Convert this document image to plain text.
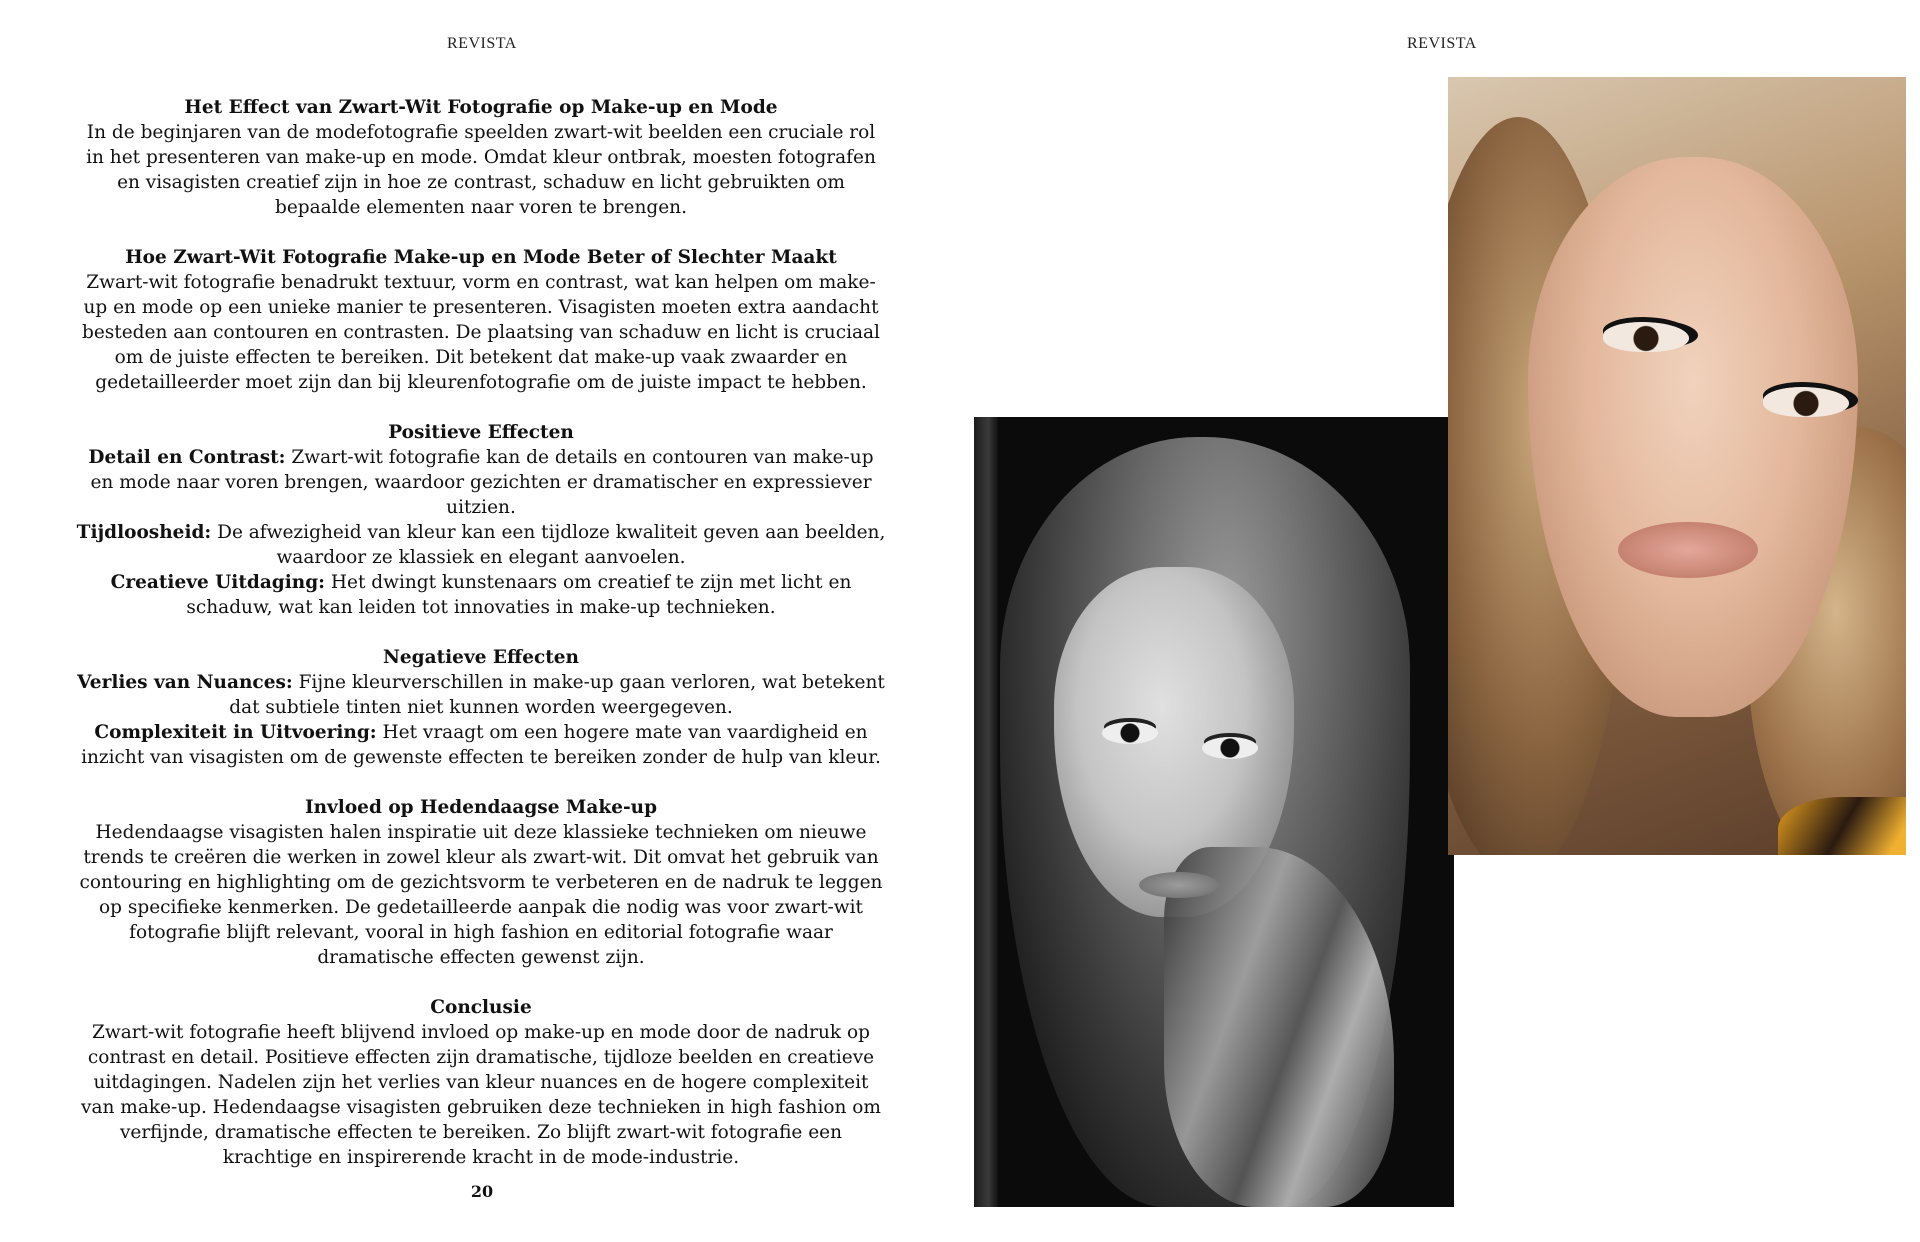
REVISTA	REVISTA

Het Effect van Zwart-Wit Fotografie op Make-up en Mode

In de beginjaren van de modefotografie speelden zwart-wit beelden een cruciale rol in het presenteren van make-up en mode. Omdat kleur ontbrak, moesten fotografen en visagisten creatief zijn in hoe ze contrast, schaduw en licht gebruikten om bepaalde elementen naar voren te brengen.

Hoe Zwart-Wit Fotografie Make-up en Mode Beter of Slechter Maakt

Zwart-wit fotografie benadrukt textuur, vorm en contrast, wat kan helpen om make-up en mode op een unieke manier te presenteren. Visagisten moeten extra aandacht besteden aan contouren en contrasten. De plaatsing van schaduw en licht is cruciaal om de juiste effecten te bereiken. Dit betekent dat make-up vaak zwaarder en gedetailleerder moet zijn dan bij kleurenfotografie om de juiste impact te hebben.

Positieve Effecten

Detail en Contrast: Zwart-wit fotografie kan de details en contouren van make-up en mode naar voren brengen, waardoor gezichten er dramatischer en expressiever uitzien.

Tijdloosheid: De afwezigheid van kleur kan een tijdloze kwaliteit geven aan beelden, waardoor ze klassiek en elegant aanvoelen.

Creatieve Uitdaging: Het dwingt kunstenaars om creatief te zijn met licht en schaduw, wat kan leiden tot innovaties in make-up technieken.

Negatieve Effecten

Verlies van Nuances: Fijne kleurverschillen in make-up gaan verloren, wat betekent dat subtiele tinten niet kunnen worden weergegeven.

Complexiteit in Uitvoering: Het vraagt om een hogere mate van vaardigheid en inzicht van visagisten om de gewenste effecten te bereiken zonder de hulp van kleur.

Invloed op Hedendaagse Make-up

Hedendaagse visagisten halen inspiratie uit deze klassieke technieken om nieuwe trends te creëren die werken in zowel kleur als zwart-wit. Dit omvat het gebruik van contouring en highlighting om de gezichtsvorm te verbeteren en de nadruk te leggen op specifieke kenmerken. De gedetailleerde aanpak die nodig was voor zwart-wit fotografie blijft relevant, vooral in high fashion en editorial fotografie waar dramatische effecten gewenst zijn.

Conclusie

Zwart-wit fotografie heeft blijvend invloed op make-up en mode door de nadruk op contrast en detail. Positieve effecten zijn dramatische, tijdloze beelden en creatieve uitdagingen. Nadelen zijn het verlies van kleur nuances en de hogere complexiteit van make-up. Hedendaagse visagisten gebruiken deze technieken in high fashion om verfijnde, dramatische effecten te bereiken. Zo blijft zwart-wit fotografie een krachtige en inspirerende kracht in de mode-industrie.

20
